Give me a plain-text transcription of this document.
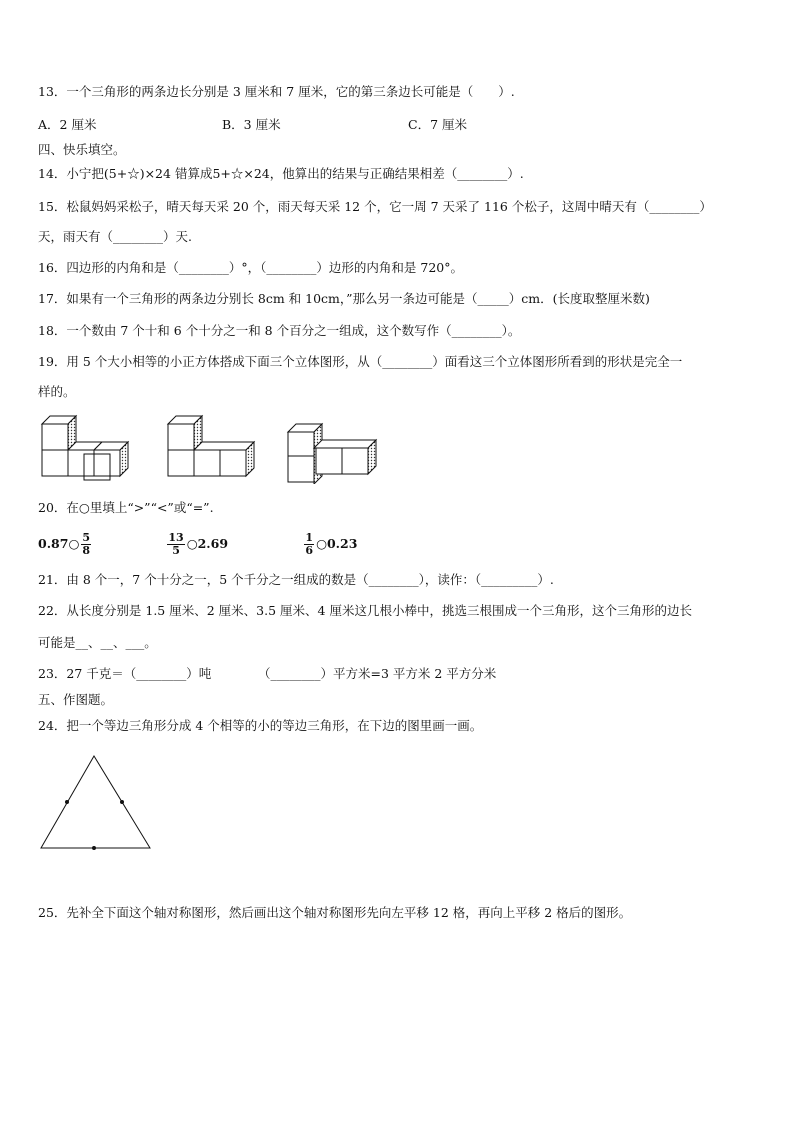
13．一个三角形的两条边长分别是 3 厘米和 7 厘米，它的第三条边长可能是（　　）.
A．2 厘米	B．3 厘米	C．7 厘米
四、快乐填空。
14．小宁把(5+☆)×24 错算成5+☆×24，他算出的结果与正确结果相差（________）.
15．松鼠妈妈采松子，晴天每天采 20 个，雨天每天采 12 个，它一周 7 天采了 116 个松子，这周中晴天有（________）
天，雨天有（________）天.
16．四边形的内角和是（________）°，（________）边形的内角和是 720°。
17．如果有一个三角形的两条边分别长 8cm 和 10cm，”那么另一条边可能是（_____）cm．(长度取整厘米数)
18．一个数由 7 个十和 6 个十分之一和 8 个百分之一组成，这个数写作（________）。
19．用 5 个大小相等的小正方体搭成下面三个立体图形，从（________）面看这三个立体图形所看到的形状是完全一
样的。
20．在○里填上“>”“<”或“=”.
0.87○ $\frac{5}{8}$
	$\frac{13}{5}$ ○2.69	$\frac{1}{6}$ ○0.23
21．由 8 个一，7 个十分之一，5 个千分之一组成的数是（________），读作：（_________）.
22．从长度分别是 1.5 厘米、2 厘米、3.5 厘米、4 厘米这几根小棒中，挑选三根围成一个三角形，这个三角形的边长
可能是__、__、___。
23．27 千克＝（________）吨	（________）平方米=3 平方米 2 平方分米
五、作图题。
24．把一个等边三角形分成 4 个相等的小的等边三角形，在下边的图里画一画。
25．先补全下面这个轴对称图形，然后画出这个轴对称图形先向左平移 12 格，再向上平移 2 格后的图形。
